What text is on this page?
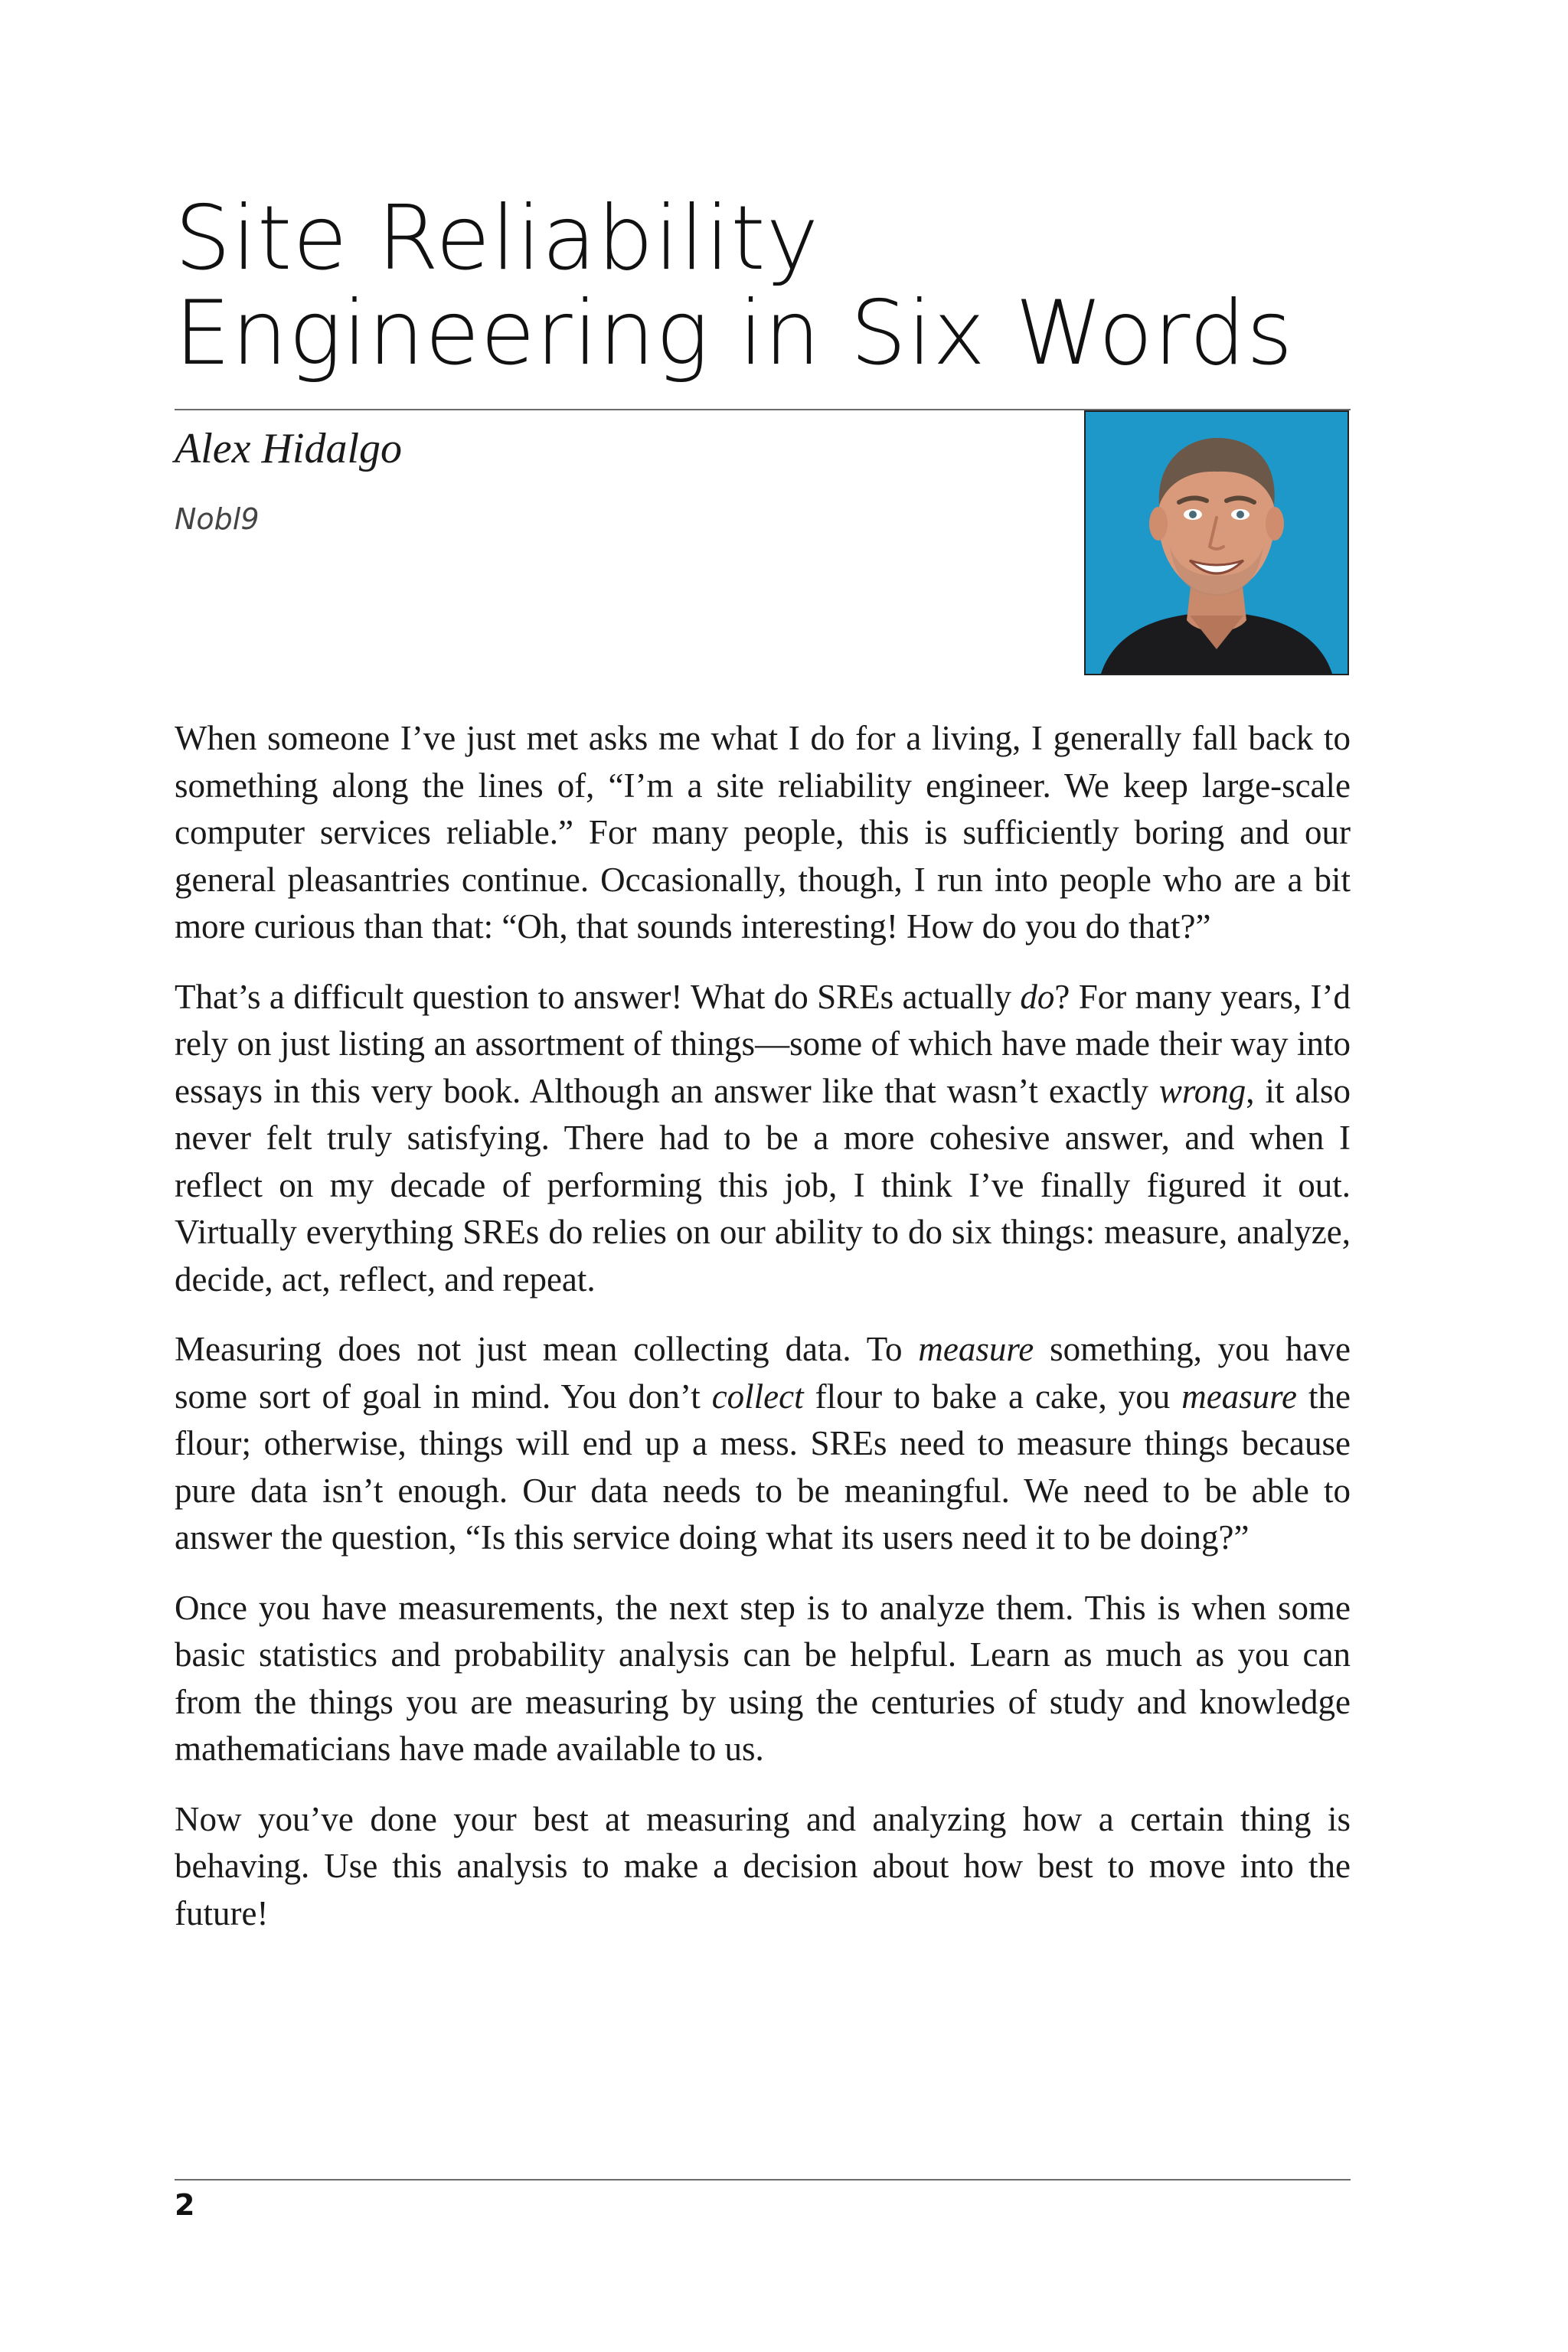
Site Reliability
Engineering in Six Words
Alex Hidalgo
Nobl9

When someone I’ve just met asks me what I do for a living, I generally fall back to something along the lines of, “I’m a site reliability engineer. We keep large-scale computer services reliable.” For many people, this is sufficiently boring and our general pleasantries continue. Occasionally, though, I run into people who are a bit more curious than that: “Oh, that sounds interesting! How do you do that?”

That’s a difficult question to answer! What do SREs actually do? For many years, I’d rely on just listing an assortment of things—some of which have made their way into essays in this very book. Although an answer like that wasn’t exactly wrong, it also never felt truly satisfying. There had to be a more cohesive answer, and when I reflect on my decade of performing this job, I think I’ve finally figured it out. Virtually everything SREs do relies on our ability to do six things: measure, analyze, decide, act, reflect, and repeat.

Measuring does not just mean collecting data. To measure something, you have some sort of goal in mind. You don’t collect flour to bake a cake, you measure the flour; otherwise, things will end up a mess. SREs need to measure things because pure data isn’t enough. Our data needs to be meaningful. We need to be able to answer the question, “Is this service doing what its users need it to be doing?”

Once you have measurements, the next step is to analyze them. This is when some basic statistics and probability analysis can be helpful. Learn as much as you can from the things you are measuring by using the centuries of study and knowledge mathematicians have made available to us.

Now you’ve done your best at measuring and analyzing how a certain thing is behaving. Use this analysis to make a decision about how best to move into the future!

2
